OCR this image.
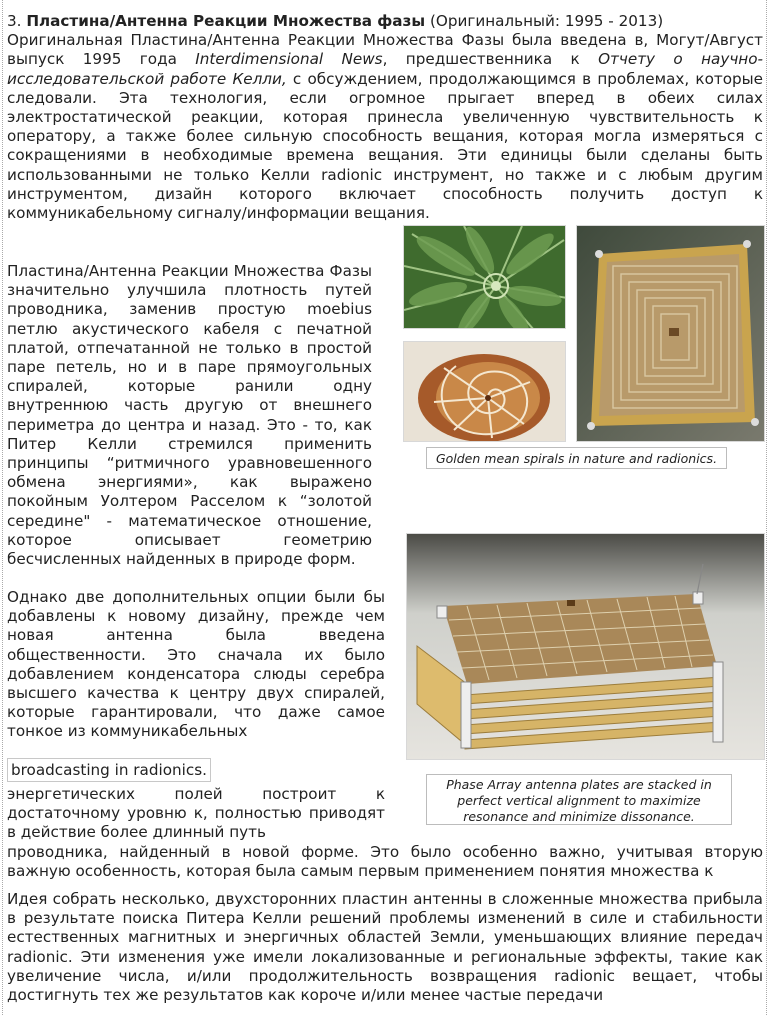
3. Пластина/Антенна Реакции Множества фазы (Оригинальный: 1995 - 2013)
Оригинальная Пластина/Антенна Реакции Множества Фазы была введена в, Могут/Август выпуск 1995 года Interdimensional News, предшественника к Отчету о научно-исследовательской работе Келли, с обсуждением, продолжающимся в проблемах, которые следовали. Эта технология, если огромное прыгает вперед в обеих силах электростатической реакции, которая принесла увеличенную чувствительность к оператору, а также более сильную способность вещания, которая могла измеряться с сокращениями в необходимые времена вещания. Эти единицы были сделаны быть использованными не только Келли radionic инструмент, но также и с любым другим инструментом, дизайн которого включает способность получить доступ к коммуникабельному сигналу/информации вещания.
Пластина/Антенна Реакции Множества Фазы значительно улучшила плотность путей проводника, заменив простую moebius петлю акустического кабеля с печатной платой, отпечатанной не только в простой паре петель, но и в паре прямоугольных спиралей, которые ранили одну внутреннюю часть другую от внешнего периметра до центра и назад. Это - то, как Питер Келли стремился применить принципы “ритмичного уравновешенного обмена энергиями», как выражено покойным Уолтером Расселом к “золотой середине" - математическое отношение, которое описывает геометрию бесчисленных найденных в природе форм.
Однако две дополнительных опции были бы добавлены к новому дизайну, прежде чем новая антенна была введена общественности. Это сначала их было добавлением конденсатора слюды серебра высшего качества к центру двух спиралей, которые гарантировали, что даже самое тонкое из коммуникабельных
broadcasting in radionics.
энергетических полей построит к достаточному уровню к, полностью приводят в действие более длинный путь
проводника, найденный в новой форме. Это было особенно важно, учитывая вторую важную особенность, которая была самым первым применением понятия множества к
Идея собрать несколько, двухсторонних пластин антенны в сложенные множества прибыла в результате поиска Питера Келли решений проблемы изменений в силе и стабильности естественных магнитных и энергичных областей Земли, уменьшающих влияние передач radionic. Эти изменения уже имели локализованные и региональные эффекты, такие как увеличение числа, и/или продолжительность возвращения radionic вещает, чтобы достигнуть тех же результатов как короче и/или менее частые передачи
Golden mean spirals in nature and radionics.
Phase Array antenna plates are stacked in perfect vertical alignment to maximize resonance and minimize dissonance.
